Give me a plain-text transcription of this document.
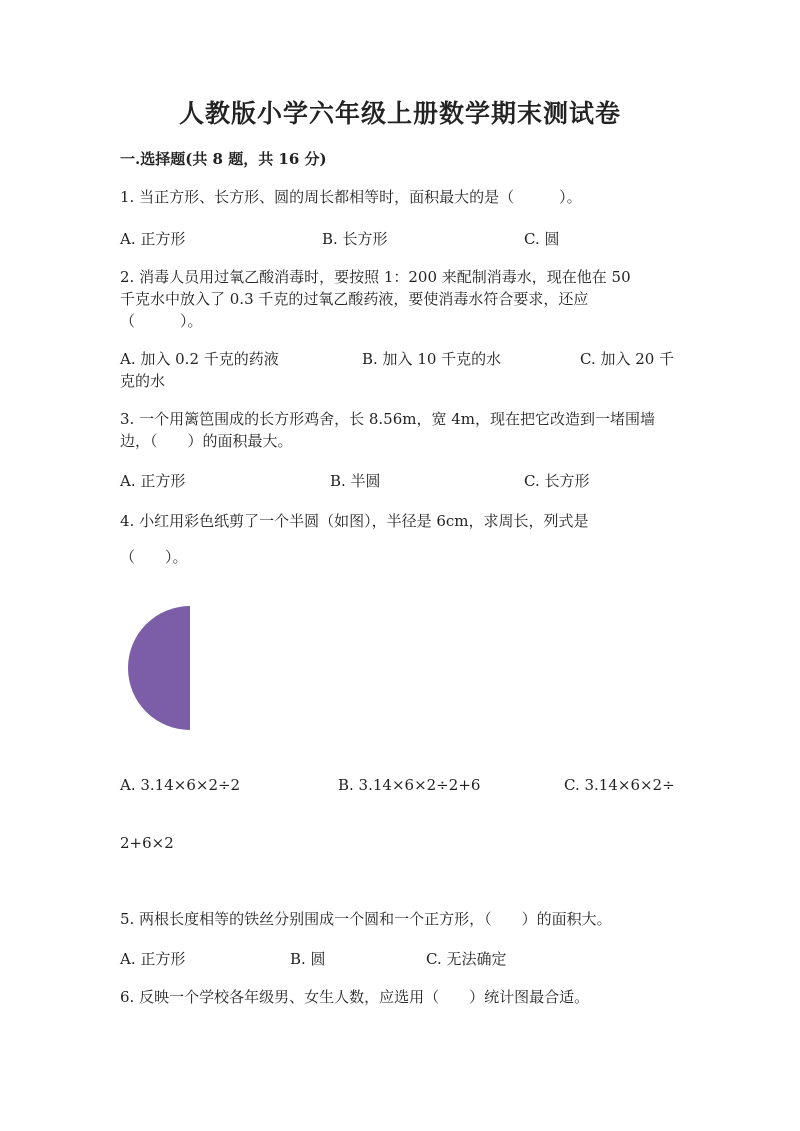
人教版小学六年级上册数学期末测试卷
一.选择题(共 8 题，共 16 分)
1. 当正方形、长方形、圆的周长都相等时，面积最大的是（　　　）。
A. 正方形	B. 长方形	C. 圆
2. 消毒人员用过氧乙酸消毒时，要按照 1：200 来配制消毒水，现在他在 50
千克水中放入了 0.3 千克的过氧乙酸药液，要使消毒水符合要求，还应
（　　　）。
A. 加入 0.2 千克的药液	B. 加入 10 千克的水	C. 加入 20 千
克的水
3. 一个用篱笆围成的长方形鸡舍，长 8.56m，宽 4m，现在把它改造到一堵围墙
边，（　　）的面积最大。
A. 正方形	B. 半圆	C. 长方形
4. 小红用彩色纸剪了一个半圆（如图），半径是 6cm，求周长，列式是
（　　）。
A. 3.14×6×2÷2	B. 3.14×6×2÷2+6	C. 3.14×6×2÷
2+6×2
5. 两根长度相等的铁丝分别围成一个圆和一个正方形，（　　）的面积大。
A. 正方形	B. 圆	C. 无法确定
6. 反映一个学校各年级男、女生人数，应选用（　　）统计图最合适。
